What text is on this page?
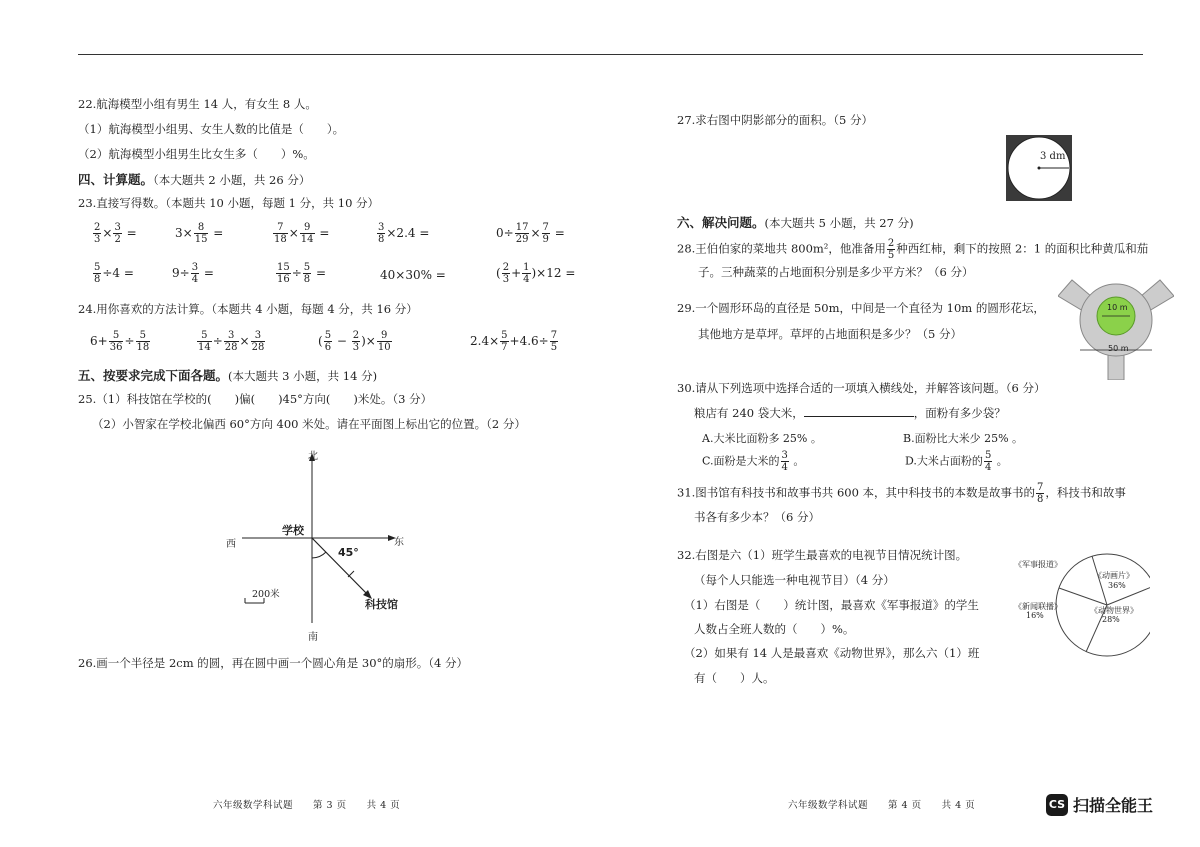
22.航海模型小组有男生 14 人，有女生 8 人。
（1）航海模型小组男、女生人数的比值是（　　）。
（2）航海模型小组男生比女生多（　　）%。
四、计算题。（本大题共 2 小题，共 26 分）
23.直接写得数。（本题共 10 小题，每题 1 分，共 10 分）
$\frac{2}{3} \times \frac{3}{2}$ =	$3\times \frac{8}{15}$ =	$\frac{7}{18} \times \frac{9}{14}$ =	$\frac{3}{8} \times 2.4$ =	$0\div \frac{17}{29} \times \frac{7}{9}$ =
$\frac{5}{8} \div 4$ =	$9\div \frac{3}{4}$ =	$\frac{15}{16} \div \frac{5}{8}$ =	40×30% =	( $\frac{2}{3} + \frac{1}{4} )\times 12$ =
24.用你喜欢的方法计算。（本题共 4 小题，每题 4 分，共 16 分）
$6+ \frac{5}{36} \div \frac{5}{18}$	$\frac{5}{14} \div \frac{3}{28} \times \frac{3}{28}$	( $\frac{5}{6} - \frac{2}{3}$ )× $\frac{9}{10}$	$2.4\times \frac{5}{7} +4.6\div \frac{7}{5}$
五、按要求完成下面各题。(本大题共 3 小题，共 14 分)
25.（1）科技馆在学校的(　　)偏(　　)45°方向(　　)米处。（3 分）
（2）小智家在学校北偏西 60°方向 400 米处。请在平面图上标出它的位置。（2 分）
北
南
西	东
学校
45°
科技馆
200米
26.画一个半径是 2cm 的圆，再在圆中画一个圆心角是 30°的扇形。（4 分）
六年级数学科试题　　第 3 页　　共 4 页
27.求右图中阴影部分的面积。（5 分）
3 dm
六、解决问题。(本大题共 5 小题，共 27 分)
28.王伯伯家的菜地共 800m²，他准备用 $\frac{2}{5}$ 种西红柿，剩下的按照 2：1 的面积比种黄瓜和茄
子。三种蔬菜的占地面积分别是多少平方米？（6 分）
29.一个圆形环岛的直径是 50m，中间是一个直径为 10m 的圆形花坛，
其他地方是草坪。草坪的占地面积是多少？（5 分）
10 m
50 m
30.请从下列选项中选择合适的一项填入横线处，并解答该问题。（6 分）
粮店有 240 袋大米，	，面粉有多少袋？
A.大米比面粉多 25% 。	B.面粉比大米少 25% 。
C.面粉是大米的 $\frac{3}{4}$ 。	D.大米占面粉的 $\frac{5}{4}$ 。
31.图书馆有科技书和故事书共 600 本，其中科技书的本数是故事书的 $\frac{7}{8}$ ，科技书和故事
书各有多少本？（6 分）
32.右图是六（1）班学生最喜欢的电视节目情况统计图。
（每个人只能选一种电视节目）（4 分）
（1）右图是（　　）统计图，最喜欢《军事报道》的学生
人数占全班人数的（　　）%。
（2）如果有 14 人是最喜欢《动物世界》，那么六（1）班
有（　　）人。
《军事报道》
《动画片》
36%
《新闻联播》
16%
《动物世界》
28%
六年级数学科试题　　第 4 页　　共 4 页	CS 扫描全能王
